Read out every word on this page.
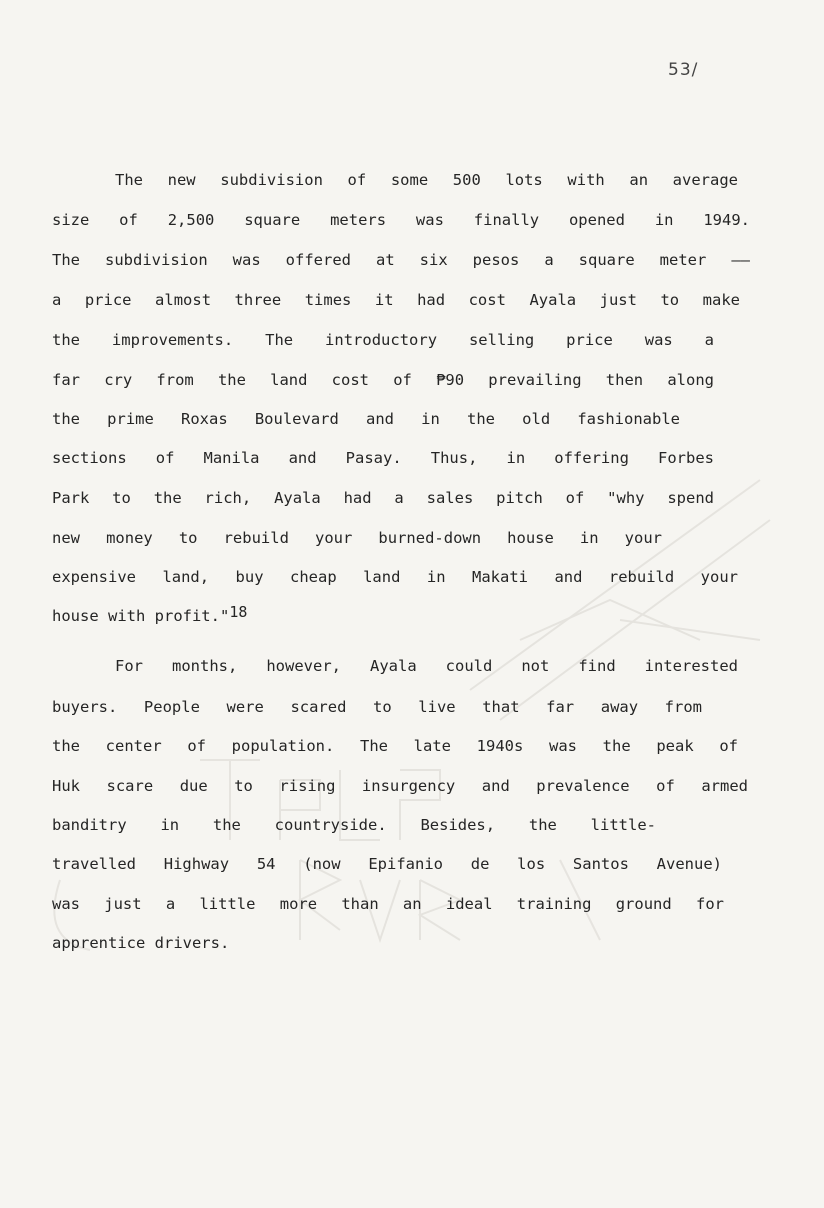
53/
The new subdivision of some 500 lots with an average
size of 2,500 square meters was finally opened in 1949.
The subdivision was offered at six pesos a square meter ——
a price almost three times it had cost Ayala just to make
the improvements. The introductory selling price was a
far cry from the land cost of ₱90 prevailing then along
the prime Roxas Boulevard and in the old fashionable
sections of Manila and Pasay. Thus, in offering Forbes
Park to the rich, Ayala had a sales pitch of "why spend
new money to rebuild your burned-down house in your
expensive land, buy cheap land in Makati and rebuild your
house with profit."$^{18}$
For months, however, Ayala could not find interested
buyers. People were scared to live that far away from
the center of population. The late 1940s was the peak of
Huk scare due to rising insurgency and prevalence of armed
banditry in the countryside. Besides, the little-
travelled Highway 54 (now Epifanio de los Santos Avenue)
was just a little more than an ideal training ground for
apprentice drivers.
